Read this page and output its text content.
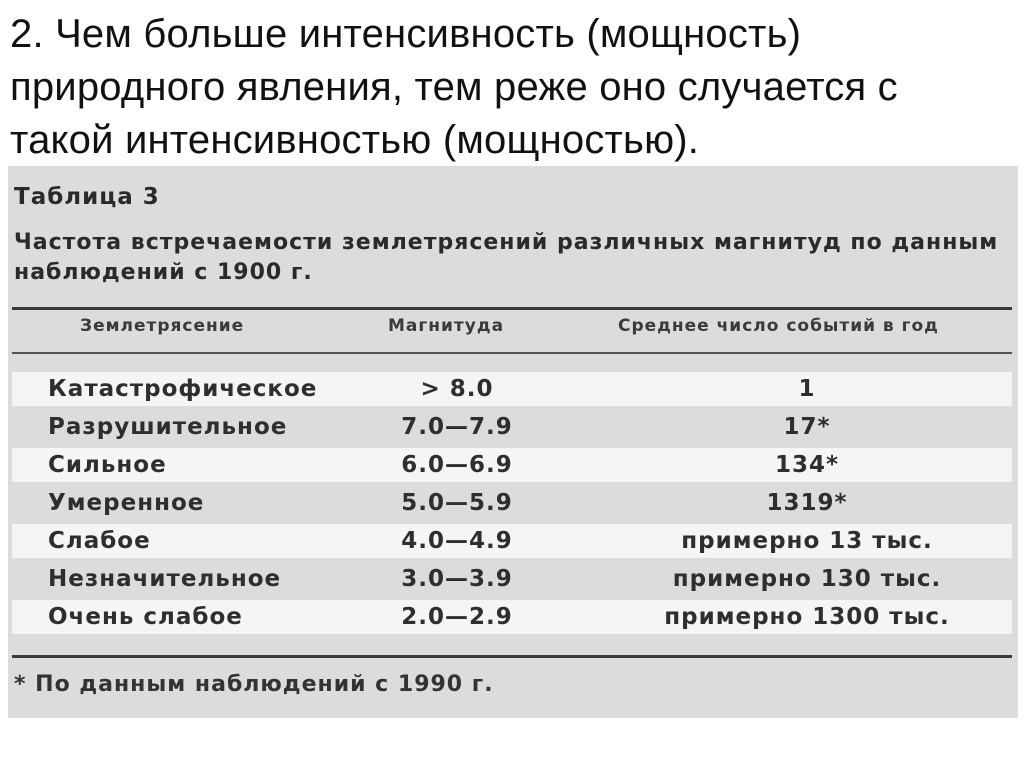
2. Чем больше интенсивность (мощность) природного явления, тем реже оно случается с такой интенсивностью (мощностью).
Таблица 3
Частота встречаемости землетрясений различных магнитуд по данным наблюдений с 1900 г.
Землетрясение	Магнитуда	Среднее число событий в год
Катастрофическое	> 8.0	1
Разрушительное	7.0—7.9	17*
Сильное	6.0—6.9	134*
Умеренное	5.0—5.9	1319*
Слабое	4.0—4.9	примерно 13 тыс.
Незначительное	3.0—3.9	примерно 130 тыс.
Очень слабое	2.0—2.9	примерно 1300 тыс.
* По данным наблюдений с 1990 г.
